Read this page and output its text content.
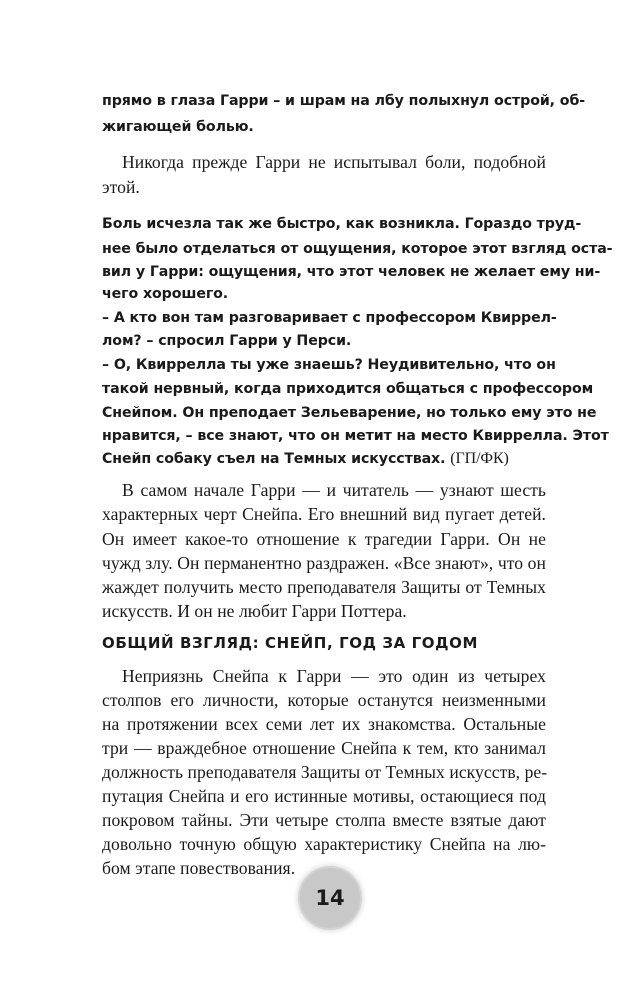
прямо в глаза Гарри – и шрам на лбу полыхнул острой, об-
жигающей болью.
Никогда прежде Гарри не испытывал боли, подобной
этой.
Боль исчезла так же быстро, как возникла. Гораздо труд-
нее было отделаться от ощущения, которое этот взгляд оста-
вил у Гарри: ощущения, что этот человек не желает ему ни-
чего хорошего.
– А кто вон там разговаривает с профессором Квиррел-
лом? – спросил Гарри у Перси.
– О, Квиррелла ты уже знаешь? Неудивительно, что он
такой нервный, когда приходится общаться с профессором
Снейпом. Он преподает Зельеварение, но только ему это не
нравится, – все знают, что он метит на место Квиррелла. Этот
Снейп собаку съел на Темных искусствах. (ГП/ФК)
В самом начале Гарри — и читатель — узнают шесть
характерных черт Снейпа. Его внешний вид пугает детей.
Он имеет какое-то отношение к трагедии Гарри. Он не
чужд злу. Он перманентно раздражен. «Все знают», что он
жаждет получить место преподавателя Защиты от Темных
искусств. И он не любит Гарри Поттера.
ОБЩИЙ ВЗГЛЯД: СНЕЙП, ГОД ЗА ГОДОМ
Неприязнь Снейпа к Гарри — это один из четырех
столпов его личности, которые останутся неизменными
на протяжении всех семи лет их знакомства. Остальные
три — враждебное отношение Снейпа к тем, кто занимал
должность преподавателя Защиты от Темных искусств, ре-
путация Снейпа и его истинные мотивы, остающиеся под
покровом тайны. Эти четыре столпа вместе взятые дают
довольно точную общую характеристику Снейпа на лю-
бом этапе повествования.
14
